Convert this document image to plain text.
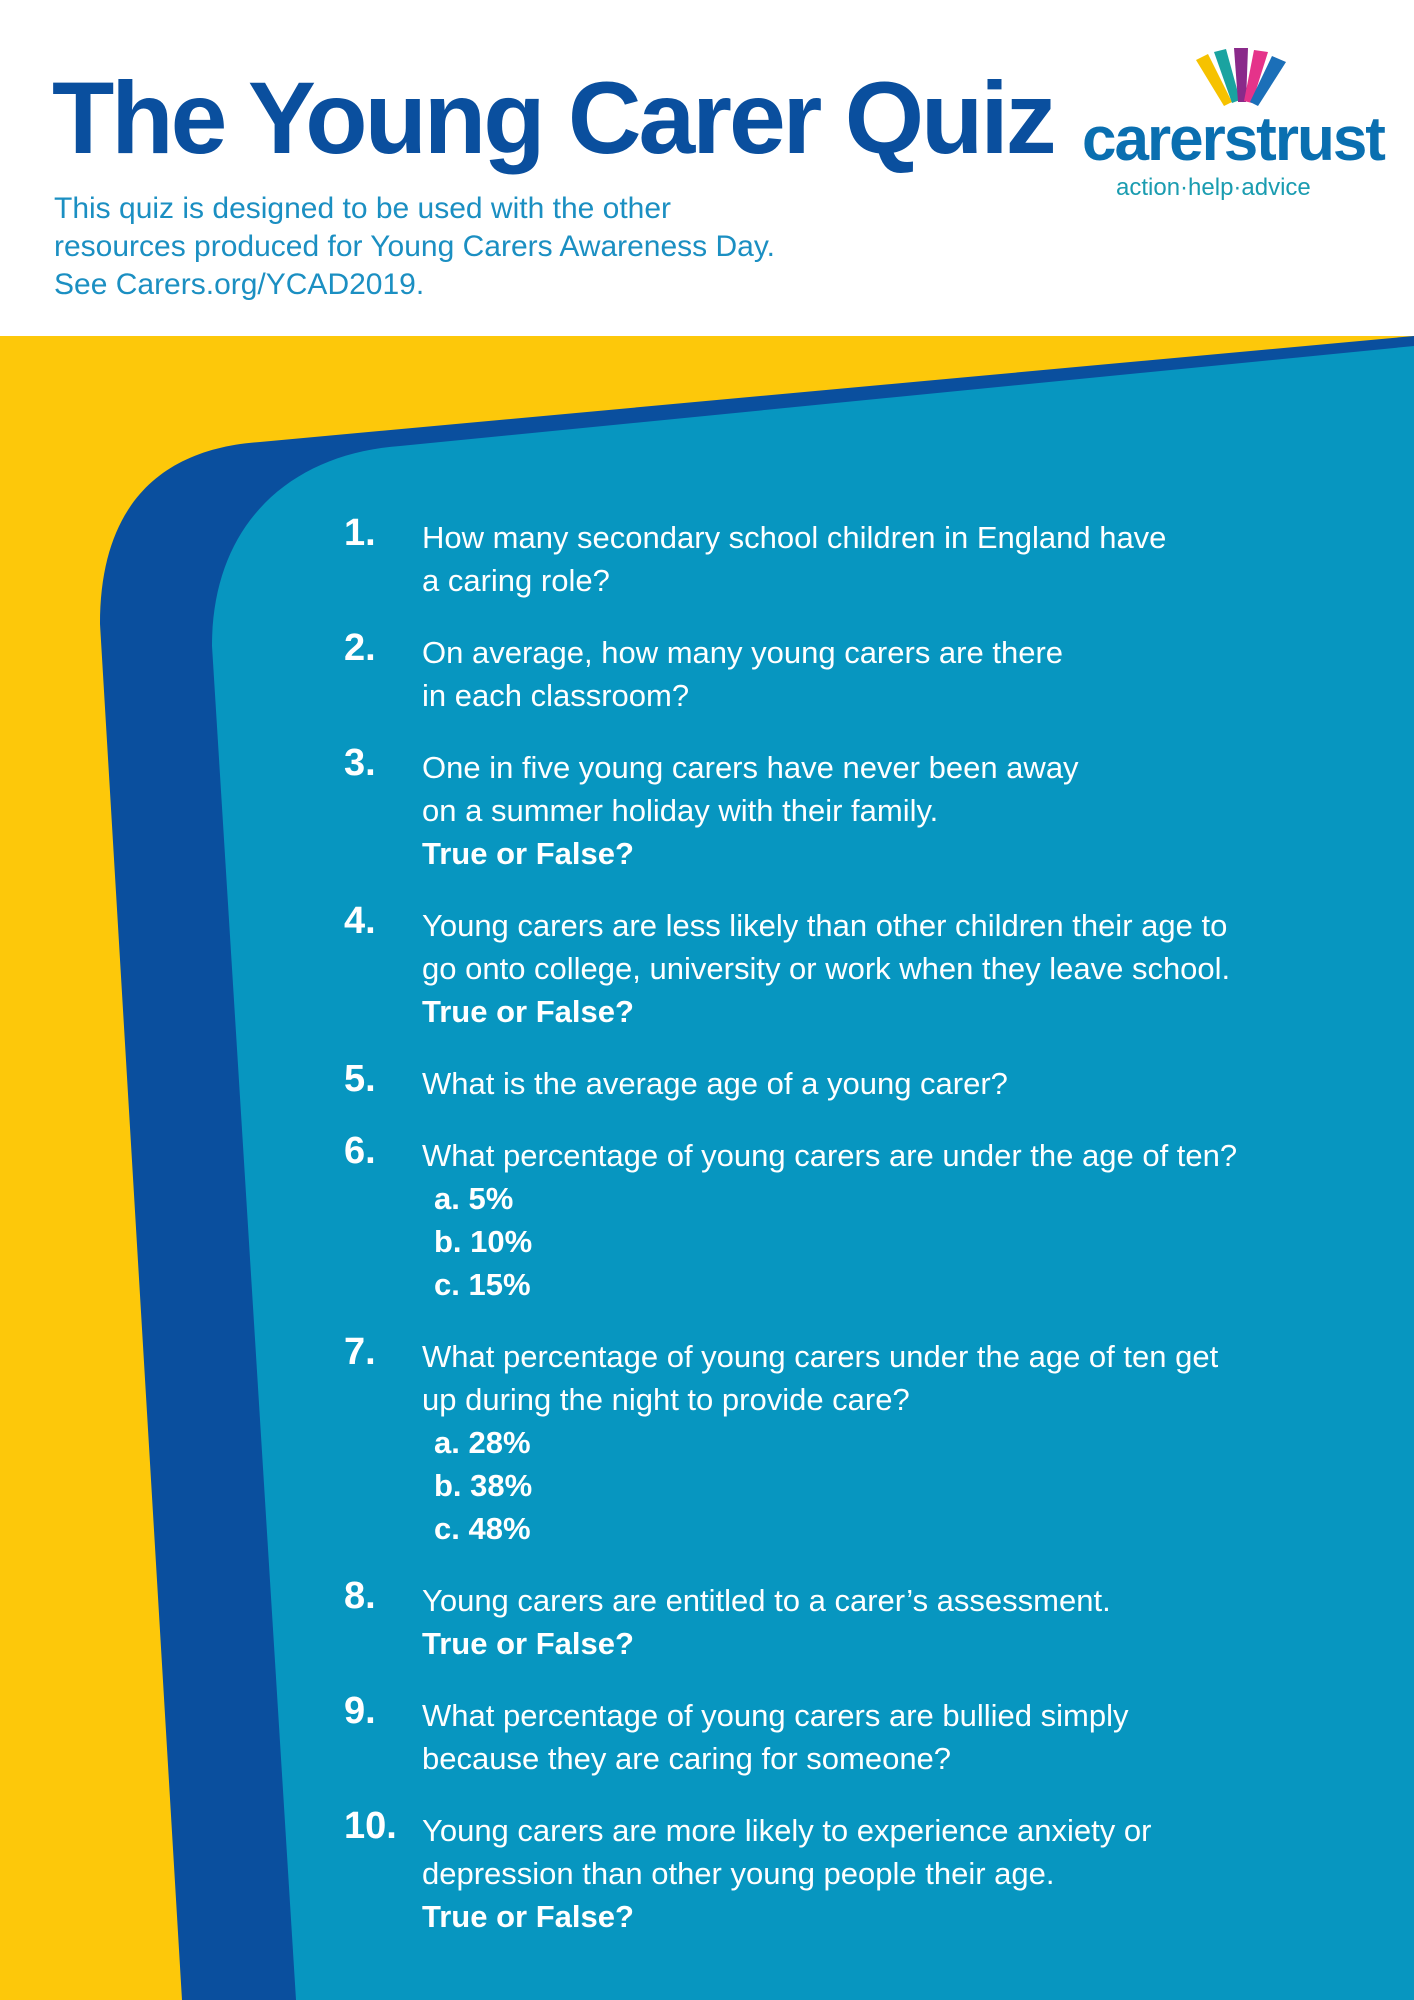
The Young Carer Quiz
This quiz is designed to be used with the other
resources produced for Young Carers Awareness Day.
See Carers.org/YCAD2019.
carerstrust
action·help·advice
1. How many secondary school children in England have
a caring role?
2. On average, how many young carers are there
in each classroom?
3. One in five young carers have never been away
on a summer holiday with their family.
True or False?
4. Young carers are less likely than other children their age to
go onto college, university or work when they leave school.
True or False?
5. What is the average age of a young carer?
6. What percentage of young carers are under the age of ten?
a. 5%
b. 10%
c. 15%
7. What percentage of young carers under the age of ten get
up during the night to provide care?
a. 28%
b. 38%
c. 48%
8. Young carers are entitled to a carer’s assessment.
True or False?
9. What percentage of young carers are bullied simply
because they are caring for someone?
10. Young carers are more likely to experience anxiety or
depression than other young people their age.
True or False?
